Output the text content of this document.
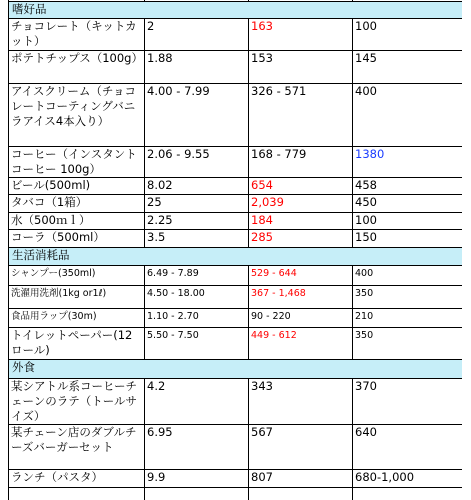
嗜好品			
チョコレート（キットカット）	2	163	100
ポテトチップス（100g）	1.88	153	145
アイスクリーム（チョコレートコーティングバニラアイス4本入り）	4.00 - 7.99	326 - 571	400
コーヒー（インスタントコーヒー 100g）	2.06 - 9.55	168 - 779	1380
ビール(500ml)	8.02	654	458
タバコ（1箱）	25	2,039	450
水（500ｍｌ）	2.25	184	100
コーラ（500ml）	3.5	285	150
生活消耗品			
シャンプー(350ml)	6.49 - 7.89	529 - 644	400
洗濯用洗剤(1kg or1ℓ)	4.50 - 18.00	367 - 1,468	350
食品用ラップ(30m)	1.10 - 2.70	90 - 220	210
トイレットペーパー(12ロール)	5.50 - 7.50	449 - 612	350
外食			
某シアトル系コーヒーチェーンのラテ（トールサイズ）	4.2	343	370
某チェーン店のダブルチーズバーガーセット	6.95	567	640
ランチ（パスタ）	9.9	807	680-1,000
